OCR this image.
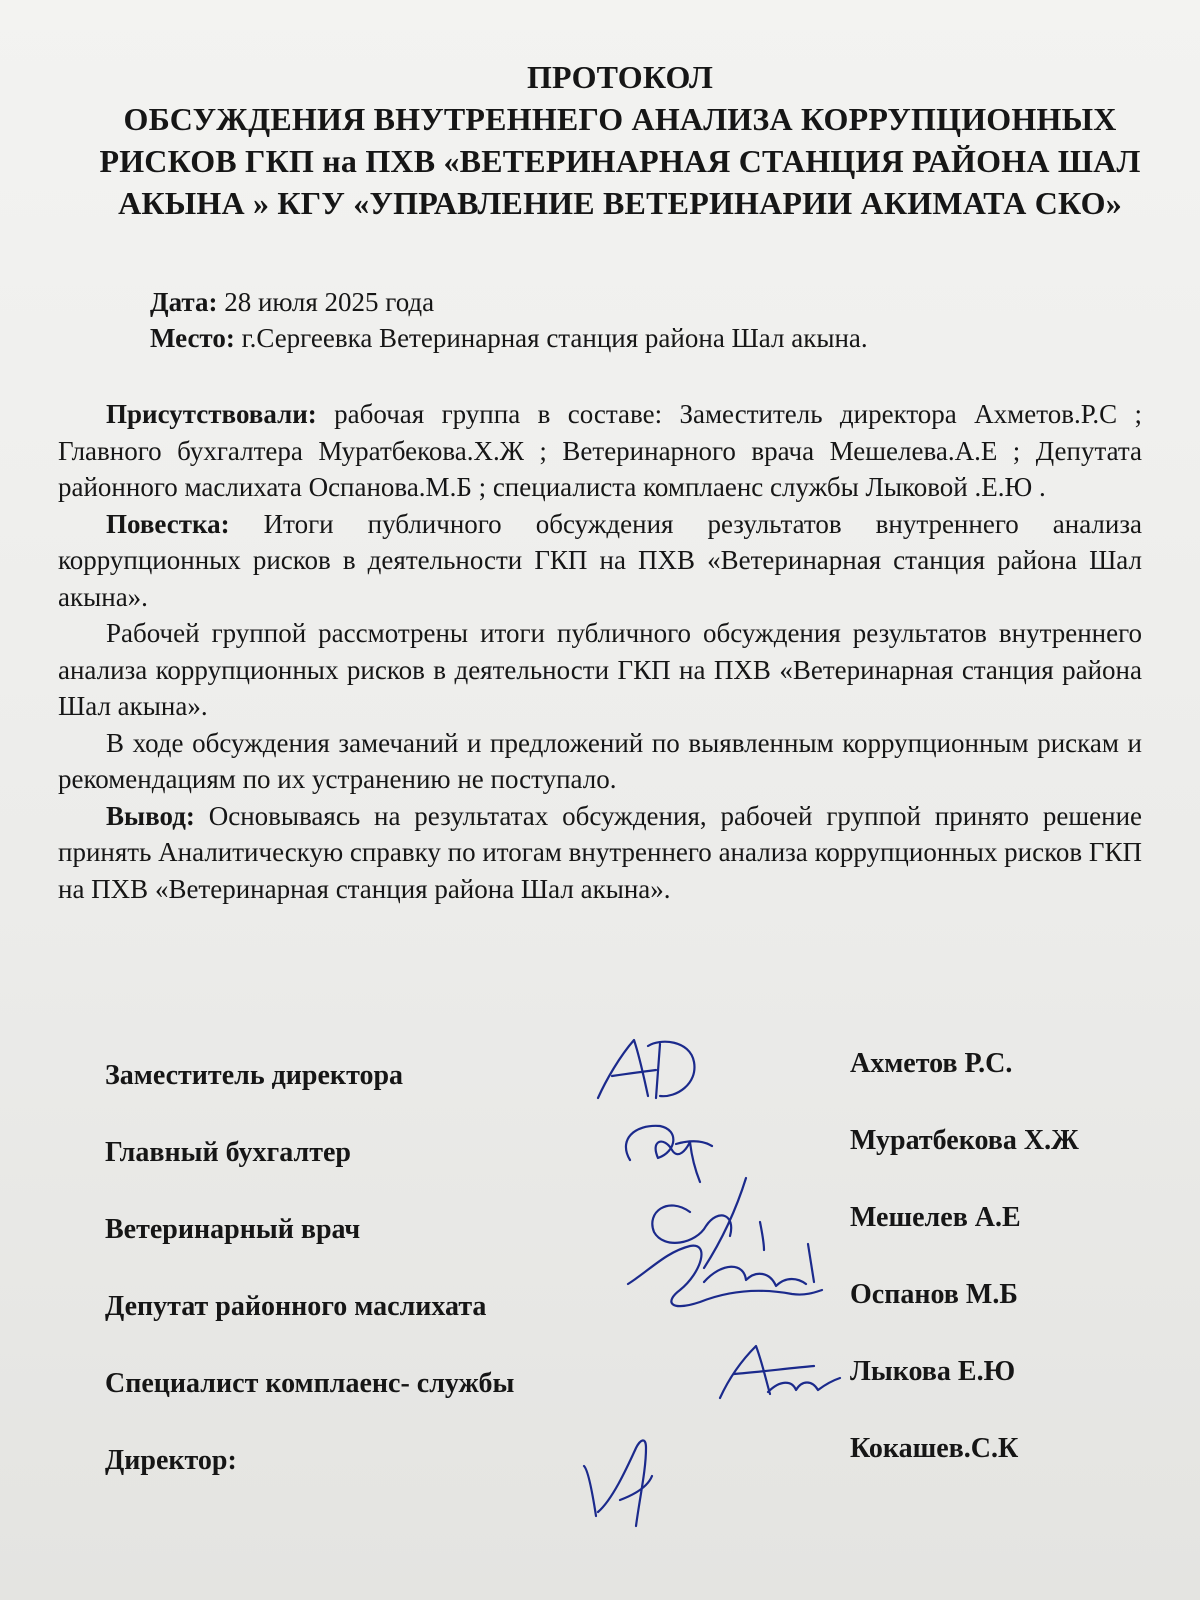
ПРОТОКОЛ
ОБСУЖДЕНИЯ ВНУТРЕННЕГО АНАЛИЗА КОРРУПЦИОННЫХ
РИСКОВ ГКП на ПХВ «ВЕТЕРИНАРНАЯ СТАНЦИЯ РАЙОНА ШАЛ
АКЫНА » КГУ «УПРАВЛЕНИЕ ВЕТЕРИНАРИИ АКИМАТА СКО»
Дата: 28 июля 2025 года
Место: г.Сергеевка Ветеринарная станция района Шал акына.

Присутствовали: рабочая группа в составе: Заместитель директора Ахметов.Р.С ; Главного бухгалтера Муратбекова.Х.Ж ; Ветеринарного врача Мешелева.А.Е ; Депутата районного маслихата Оспанова.М.Б ; специалиста комплаенс службы Лыковой .Е.Ю .

Повестка: Итоги публичного обсуждения результатов внутреннего анализа коррупционных рисков в деятельности ГКП на ПХВ «Ветеринарная станция района Шал акына».

Рабочей группой рассмотрены итоги публичного обсуждения результатов внутреннего анализа коррупционных рисков в деятельности ГКП на ПХВ «Ветеринарная станция района Шал акына».

В ходе обсуждения замечаний и предложений по выявленным коррупционным рискам и рекомендациям по их устранению не поступало.

Вывод: Основываясь на результатах обсуждения, рабочей группой принято решение принять Аналитическую справку по итогам внутреннего анализа коррупционных рисков ГКП на ПХВ «Ветеринарная станция района Шал акына».

Заместитель директора	Ахметов Р.С.
Главный бухгалтер	Муратбекова Х.Ж
Ветеринарный врач	Мешелев А.Е
Депутат районного маслихата	Оспанов М.Б
Специалист комплаенс- службы	Лыкова Е.Ю
Директор:	Кокашев.С.К
